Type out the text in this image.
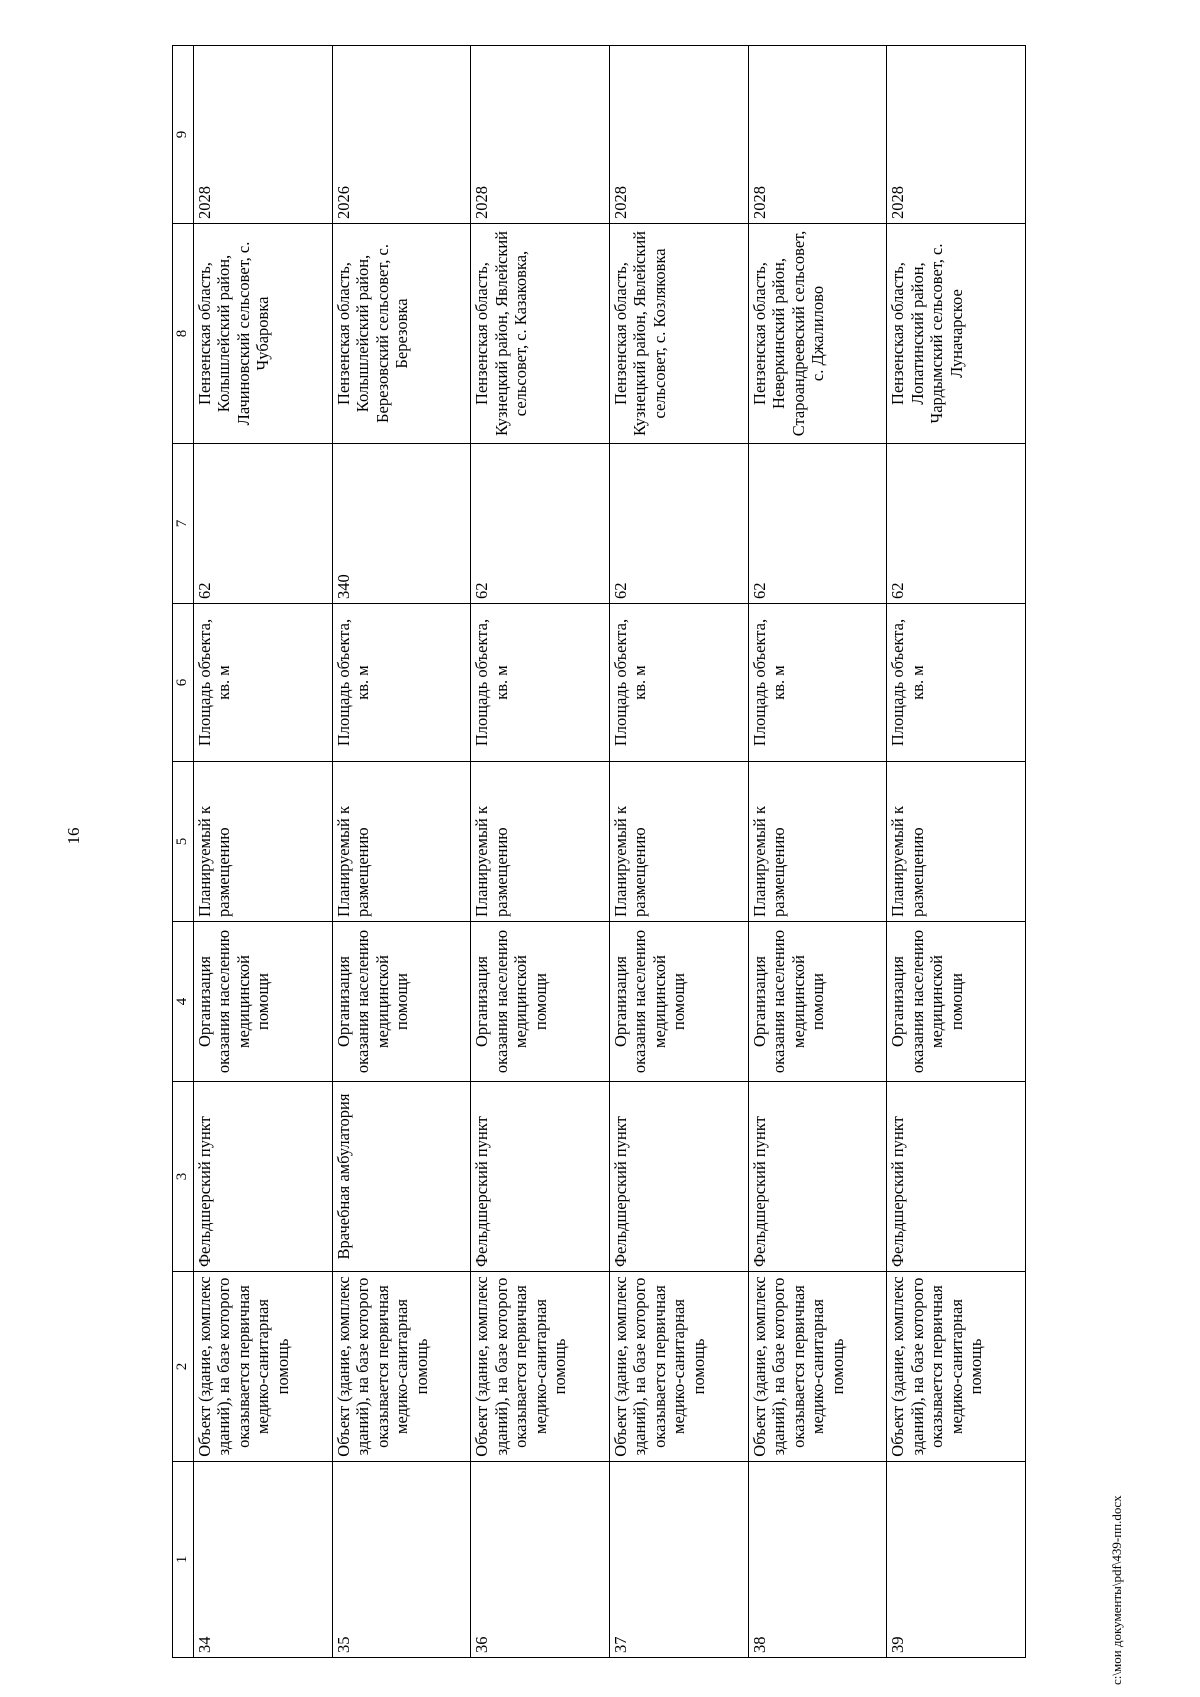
16
1	2	3	4	5	6	7	8	9
34	Объект (здание, комплекс зданий), на базе которого оказывается первичная медико-санитарная помощь	Фельдшерский пункт	Организация оказания населению медицинской помощи	Планируемый к размещению	Площадь объекта, кв. м	62	Пензенская область, Колышлейский район, Лачиновский сельсовет, с. Чубаровка	2028
35	Объект (здание, комплекс зданий), на базе которого оказывается первичная медико-санитарная помощь	Врачебная амбулатория	Организация оказания населению медицинской помощи	Планируемый к размещению	Площадь объекта, кв. м	340	Пензенская область, Колышлейский район, Березовский сельсовет, с. Березовка	2026
36	Объект (здание, комплекс зданий), на базе которого оказывается первичная медико-санитарная помощь	Фельдшерский пункт	Организация оказания населению медицинской помощи	Планируемый к размещению	Площадь объекта, кв. м	62	Пензенская область, Кузнецкий район, Явлейский сельсовет, с. Казаковка,	2028
37	Объект (здание, комплекс зданий), на базе которого оказывается первичная медико-санитарная помощь	Фельдшерский пункт	Организация оказания населению медицинской помощи	Планируемый к размещению	Площадь объекта, кв. м	62	Пензенская область, Кузнецкий район, Явлейский сельсовет, с. Козляковка	2028
38	Объект (здание, комплекс зданий), на базе которого оказывается первичная медико-санитарная помощь	Фельдшерский пункт	Организация оказания населению медицинской помощи	Планируемый к размещению	Площадь объекта, кв. м	62	Пензенская область, Неверкинский район, Староандреевский сельсовет, с. Джалилово	2028
39	Объект (здание, комплекс зданий), на базе которого оказывается первичная медико-санитарная помощь	Фельдшерский пункт	Организация оказания населению медицинской помощи	Планируемый к размещению	Площадь объекта, кв. м	62	Пензенская область, Лопатинский район, Чардымский сельсовет, с. Луначарское	2028
c:\мои документы\pdf\439-пп.docx
